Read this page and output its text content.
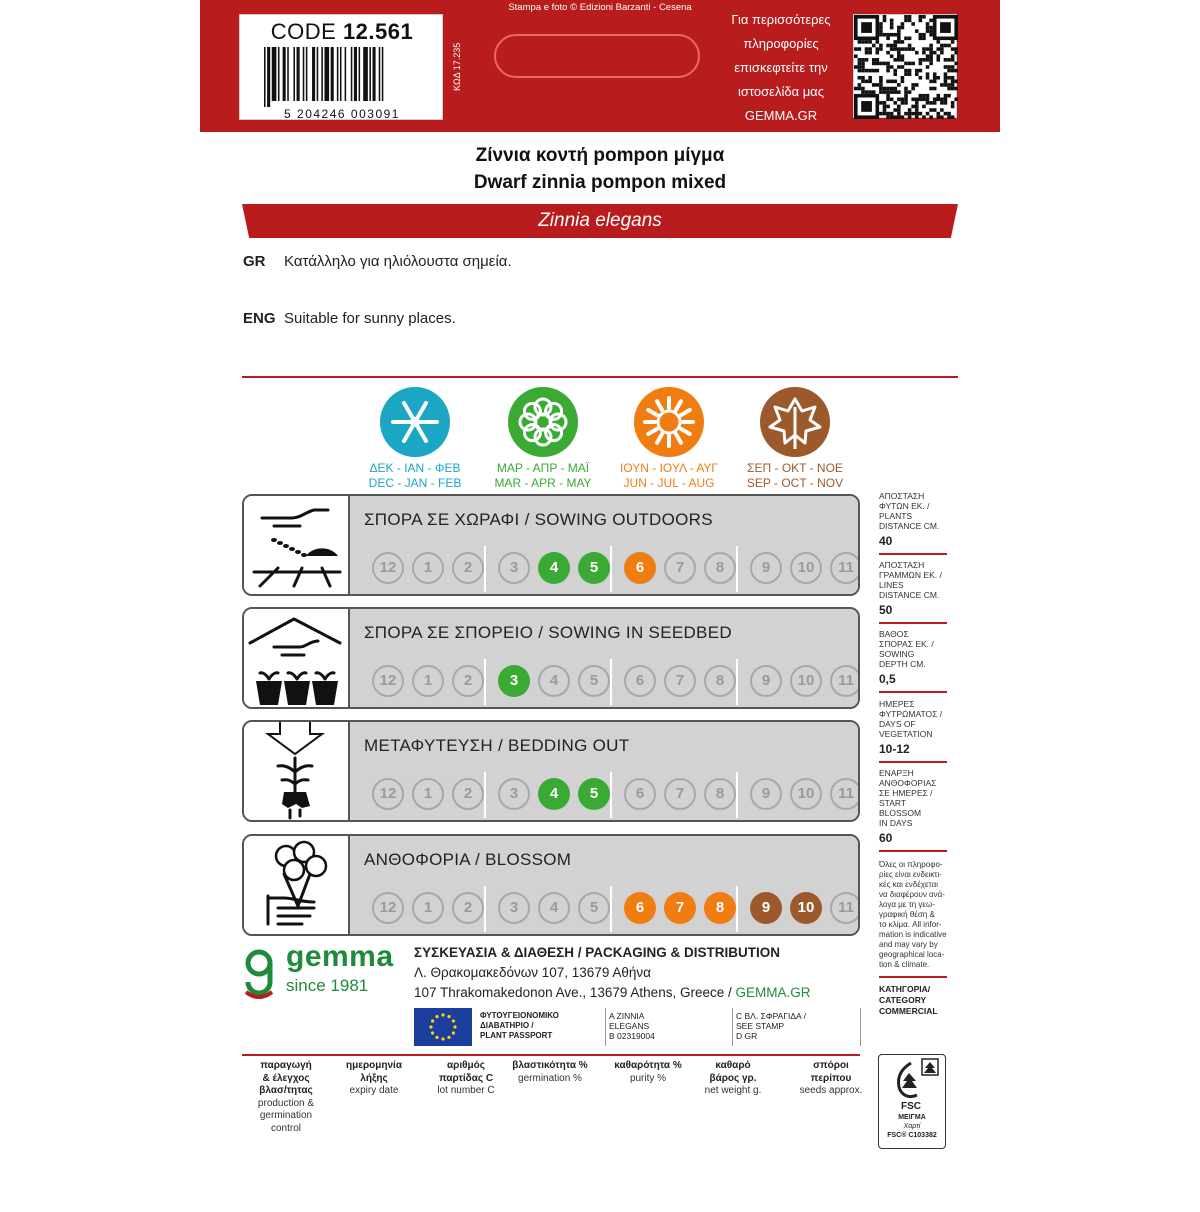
CODE 12.561
5 204246 003091
ΚΩΔ 17.235
Stampa e foto © Edizioni Barzanti - Cesena
Για περισσότερες
πληροφορίες
επισκεφτείτε την
ιστοσελίδα μας
GEMMA.GR
Ζίννια κοντή pompon μίγμα
Dwarf zinnia pompon mixed
Zinnia elegans
GR Κατάλληλο για ηλιόλουστα σημεία.
ENG Suitable for sunny places.
ΔΕΚ - ΙΑΝ - ΦΕΒ
DEC - JAN - FEB
ΜΑΡ - ΑΠΡ - ΜΑΪ
MAR - APR - MAY
ΙΟΥΝ - ΙΟΥΛ - ΑΥΓ
JUN - JUL - AUG
ΣΕΠ - ΟΚΤ - ΝΟΕ
SEP - OCT - NOV
ΣΠΟΡΑ ΣΕ ΧΩΡΑΦΙ / SOWING OUTDOORS
12	1	2	3	4	5	6	7	8	9	10	11
ΣΠΟΡΑ ΣΕ ΣΠΟΡΕΙΟ / SOWING IN SEEDBED
12	1	2	3	4	5	6	7	8	9	10	11
ΜΕΤΑΦΥΤΕΥΣΗ / BEDDING OUT
12	1	2	3	4	5	6	7	8	9	10	11
ΑΝΘΟΦΟΡΙΑ / BLOSSOM
12	1	2	3	4	5	6	7	8	9	10	11
ΑΠΟΣΤΑΣΗ
ΦΥΤΩΝ ΕΚ. /
PLANTS
DISTANCE CM.
40
ΑΠΟΣΤΑΣΗ
ΓΡΑΜΜΩΝ ΕΚ. /
LINES
DISTANCE CM.
50
ΒΑΘΟΣ
ΣΠΟΡΑΣ ΕΚ. /
SOWING
DEPTH CM.
0,5
ΗΜΕΡΕΣ
ΦΥΤΡΩΜΑΤΟΣ /
DAYS OF
VEGETATION
10-12
ΕΝΑΡΞΗ
ΑΝΘΟΦΟΡΙΑΣ
ΣΕ ΗΜΕΡΕΣ /
START
BLOSSOM
IN DAYS
60
Όλες οι πληροφο-
ρίες είναι ενδεικτι-
κές και ενδέχεται
να διαφέρουν ανά-
λογα με τη γεω-
γραφική θέση &
το κλίμα. All infor-
mation is indicative
and may vary by
geographical loca-
tion & climate.
ΚΑΤΗΓΟΡΙΑ/
CATEGORY
COMMERCIAL
gemma
since 1981
ΣΥΣΚΕΥΑΣΙΑ & ΔΙΑΘΕΣΗ / PACKAGING & DISTRIBUTION
Λ. Θρακομακεδόνων 107, 13679 Αθήνα
107 Thrakomakedonon Ave., 13679 Athens, Greece / GEMMA.GR
ΦΥΤΟΥΓΕΙΟΝΟΜΙΚΟ
ΔΙΑΒΑΤΗΡΙΟ /
PLANT PASSPORT
A ZINNIA
ELEGANS
B 02319004
C ΒΛ. ΣΦΡΑΓΙΔΑ /
SEE STAMP
D GR
παραγωγή
& έλεγχος
βλασ/τητας
production &
germination
control
ημερομηνία
λήξης
expiry date
αριθμός
παρτίδας C
lot number C
βλαστικότητα %
germination %
καθαρότητα %
purity %
καθαρό
βάρος γρ.
net weight g.
σπόροι
περίπου
seeds approx.
FSC
ΜΕΙΓΜΑ
Χαρτί
FSC® C103382
